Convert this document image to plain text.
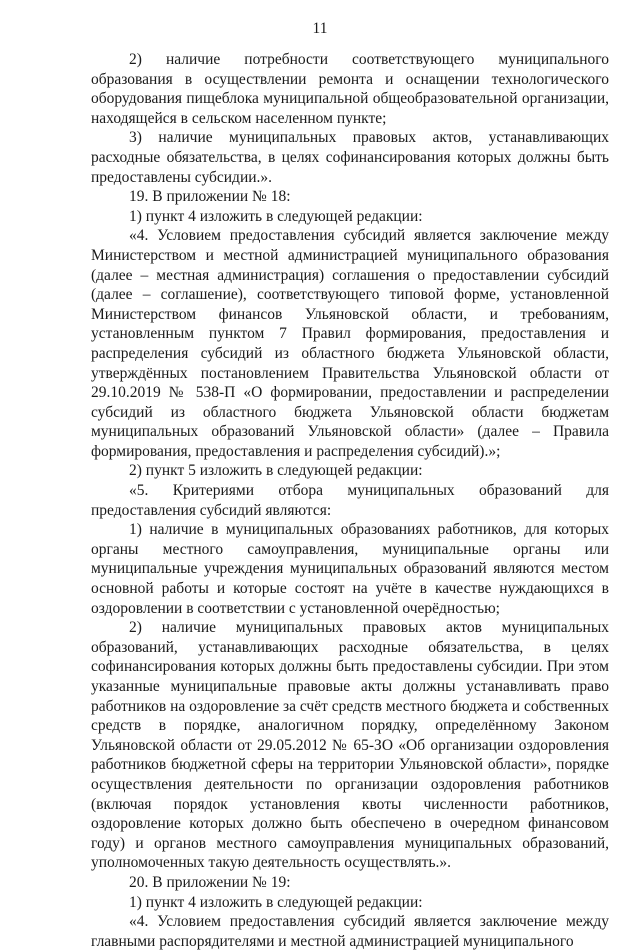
11

2) наличие потребности соответствующего муниципального образования в осуществлении ремонта и оснащении технологического оборудования пищеблока муниципальной общеобразовательной организации, находящейся в сельском населенном пункте;

3) наличие муниципальных правовых актов, устанавливающих расходные обязательства, в целях софинансирования которых должны быть предоставлены субсидии.».

19. В приложении № 18:

1) пункт 4 изложить в следующей редакции:

«4. Условием предоставления субсидий является заключение между Министерством и местной администрацией муниципального образования (далее – местная администрация) соглашения о предоставлении субсидий (далее – соглашение), соответствующего типовой форме, установленной Министерством финансов Ульяновской области, и требованиям, установленным пунктом 7 Правил формирования, предоставления и распределения субсидий из областного бюджета Ульяновской области, утверждённых постановлением Правительства Ульяновской области от 29.10.2019 № 538-П «О формировании, предоставлении и распределении субсидий из областного бюджета Ульяновской области бюджетам муниципальных образований Ульяновской области» (далее – Правила формирования, предоставления и распределения субсидий).»;

2) пункт 5 изложить в следующей редакции:

«5. Критериями отбора муниципальных образований для предоставления субсидий являются:

1) наличие в муниципальных образованиях работников, для которых органы местного самоуправления, муниципальные органы или муниципальные учреждения муниципальных образований являются местом основной работы и которые состоят на учёте в качестве нуждающихся в оздоровлении в соответствии с установленной очерёдностью;

2) наличие муниципальных правовых актов муниципальных образований, устанавливающих расходные обязательства, в целях софинансирования которых должны быть предоставлены субсидии. При этом указанные муниципальные правовые акты должны устанавливать право работников на оздоровление за счёт средств местного бюджета и собственных средств в порядке, аналогичном порядку, определённому Законом Ульяновской области от 29.05.2012 № 65-ЗО «Об организации оздоровления работников бюджетной сферы на территории Ульяновской области», порядке осуществления деятельности по организации оздоровления работников (включая порядок установления квоты численности работников, оздоровление которых должно быть обеспечено в очередном финансовом году) и органов местного самоуправления муниципальных образований, уполномоченных такую деятельность осуществлять.».

20. В приложении № 19:

1) пункт 4 изложить в следующей редакции:

«4. Условием предоставления субсидий является заключение между главными распорядителями и местной администрацией муниципального
